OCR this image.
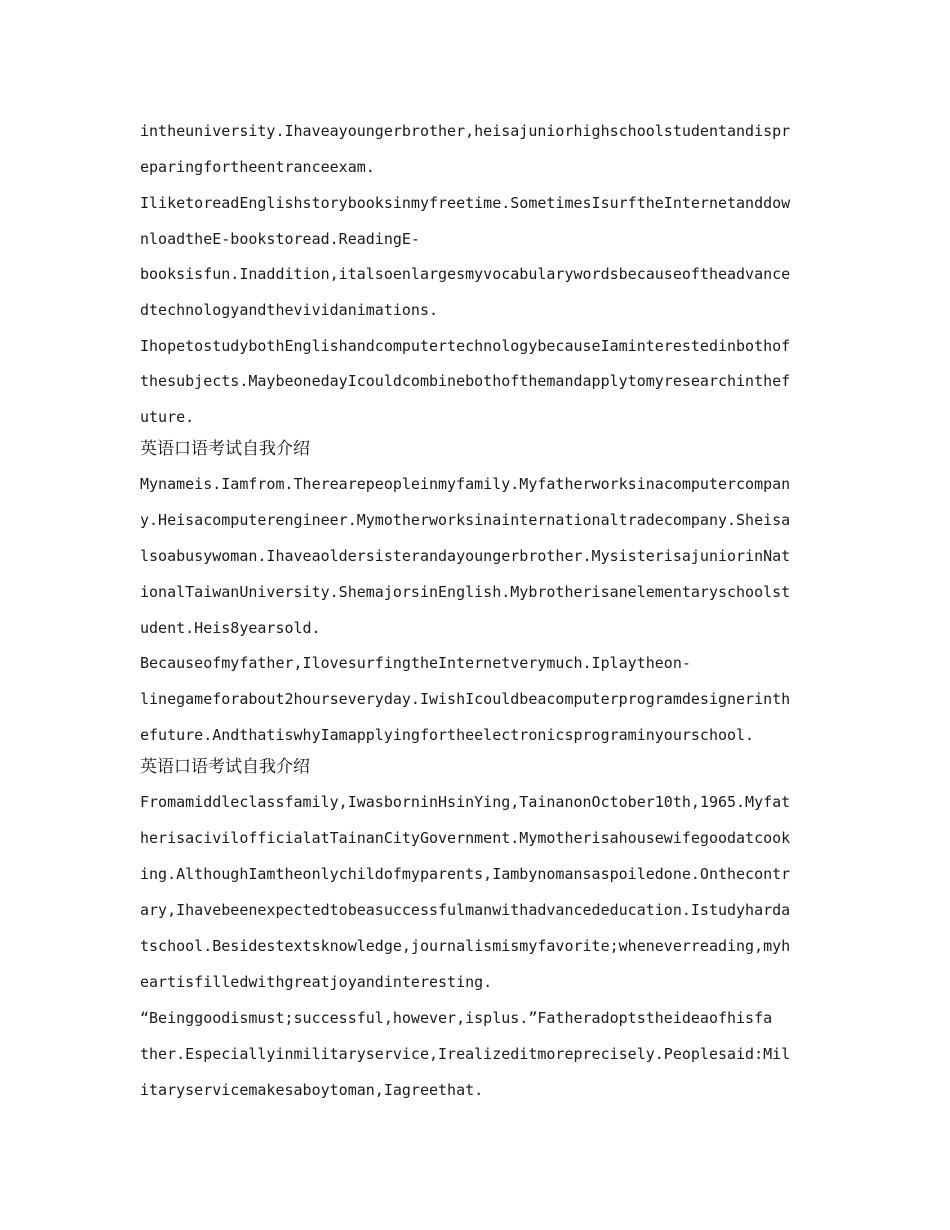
intheuniversity.Ihaveayoungerbrother,heisajuniorhighschoolstudentandispr
eparingfortheentranceexam.
IliketoreadEnglishstorybooksinmyfreetime.SometimesIsurftheInternetanddow
nloadtheE-bookstoread.ReadingE-
booksisfun.Inaddition,italsoenlargesmyvocabularywordsbecauseoftheadvance
dtechnologyandthevividanimations.
IhopetostudybothEnglishandcomputertechnologybecauseIaminterestedinbothof
thesubjects.MaybeonedayIcouldcombinebothofthemandapplytomyresearchinthef
uture.
英语口语考试自我介绍
Mynameis.Iamfrom.Therearepeopleinmyfamily.Myfatherworksinacomputercompan
y.Heisacomputerengineer.Mymotherworksinainternationaltradecompany.Sheisa
lsoabusywoman.Ihaveaoldersisterandayoungerbrother.MysisterisajuniorinNat
ionalTaiwanUniversity.ShemajorsinEnglish.Mybrotherisanelementaryschoolst
udent.Heis8yearsold.
Becauseofmyfather,IlovesurfingtheInternetverymuch.Iplaytheon-
linegameforabout2hourseveryday.IwishIcouldbeacomputerprogramdesignerinth
efuture.AndthatiswhyIamapplyingfortheelectronicsprograminyourschool.
英语口语考试自我介绍
Fromamiddleclassfamily,IwasborninHsinYing,TainanonOctober10th,1965.Myfat
herisacivilofficialatTainanCityGovernment.Mymotherisahousewifegoodatcook
ing.AlthoughIamtheonlychildofmyparents,Iambynomansaspoiledone.Onthecontr
ary,Ihavebeenexpectedtobeasuccessfulmanwithadvancededucation.Istudyharda
tschool.Besidestextsknowledge,journalismismyfavorite;wheneverreading,myh
eartisfilledwithgreatjoyandinteresting.
“Beinggoodismust;successful,however,isplus.”Fatheradoptstheideaofhisfa
ther.Especiallyinmilitaryservice,Irealizeditmoreprecisely.Peoplesaid:Mil
itaryservicemakesaboytoman,Iagreethat.
